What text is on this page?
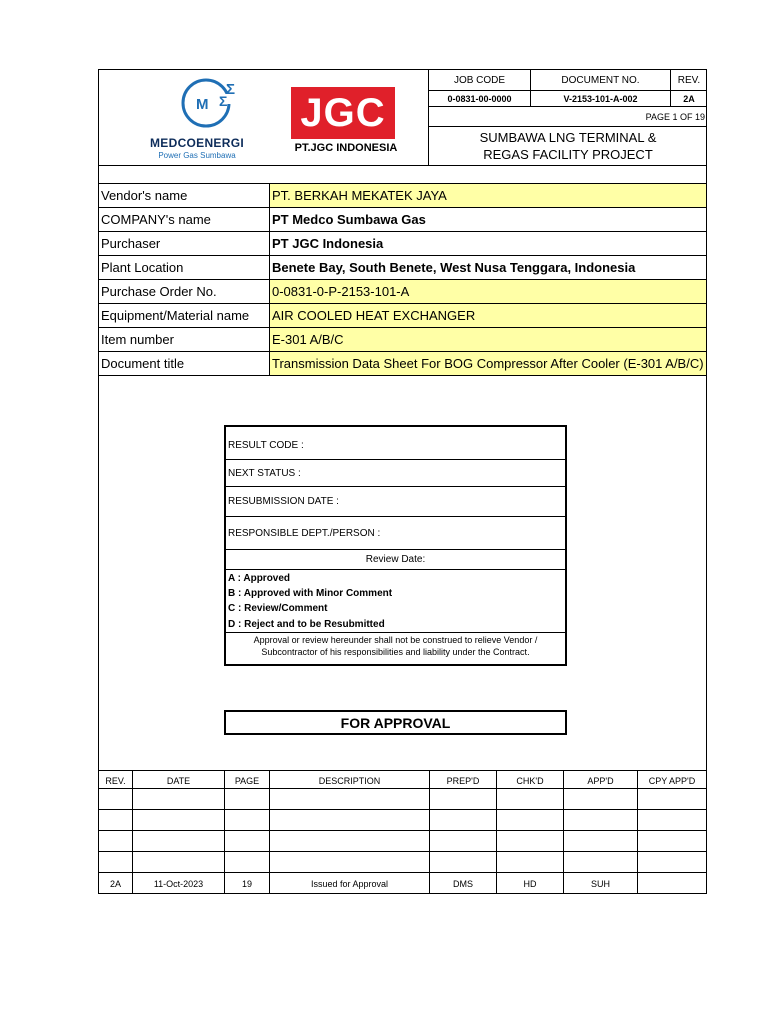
M
Σ
Σ
MEDCOENERGI
Power Gas Sumbawa
JGC
PT.JGC INDONESIA
JOB CODE	DOCUMENT NO.	REV.
0-0831-00-0000	V-2153-101-A-002	2A
PAGE 1 OF 19
SUMBAWA LNG TERMINAL &
REGAS FACILITY PROJECT
Vendor's name	PT. BERKAH MEKATEK JAYA
COMPANY's name	PT Medco Sumbawa Gas
Purchaser	PT JGC Indonesia
Plant Location	Benete Bay, South Benete, West Nusa Tenggara, Indonesia
Purchase Order No.	0-0831-0-P-2153-101-A
Equipment/Material name AIR COOLED HEAT EXCHANGER
Item number	E-301 A/B/C
Document title	Transmission Data Sheet For BOG Compressor After Cooler (E-301 A/B/C)
RESULT CODE :
NEXT STATUS :
RESUBMISSION DATE :
RESPONSIBLE DEPT./PERSON :
Review Date:
A : Approved
B : Approved with Minor Comment
C : Review/Comment
D : Reject and to be Resubmitted
Approval or review hereunder shall not be construed to relieve Vendor /
Subcontractor of his responsibilities and liability under the Contract.
FOR APPROVAL
REV.	DATE	PAGE	DESCRIPTION	PREP'D	CHK'D	APP'D	CPY APP'D
2A	11-Oct-2023	19	Issued for Approval	DMS	HD	SUH
